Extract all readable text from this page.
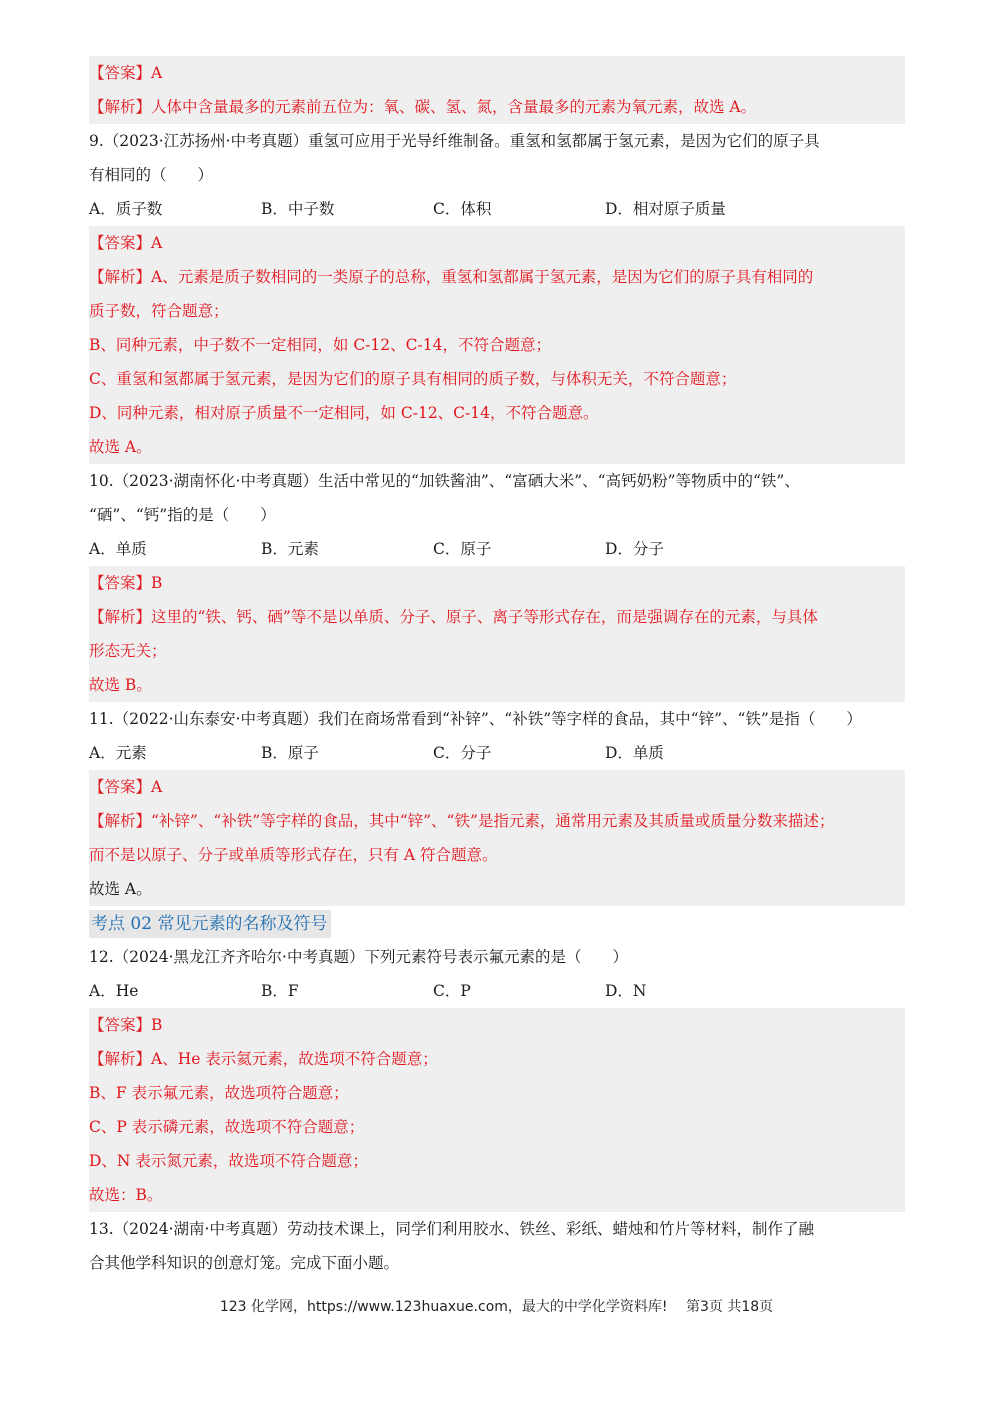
【答案】A
【解析】人体中含量最多的元素前五位为：氧、碳、氢、氮，含量最多的元素为氧元素，故选 A。
9.（2023·江苏扬州·中考真题）重氢可应用于光导纤维制备。重氢和氢都属于氢元素，是因为它们的原子具
有相同的（　　）
A．质子数	B．中子数	C．体积	D．相对原子质量
【答案】A
【解析】A、元素是质子数相同的一类原子的总称，重氢和氢都属于氢元素，是因为它们的原子具有相同的
质子数，符合题意；
B、同种元素，中子数不一定相同，如 C-12、C-14，不符合题意；
C、重氢和氢都属于氢元素，是因为它们的原子具有相同的质子数，与体积无关，不符合题意；
D、同种元素，相对原子质量不一定相同，如 C-12、C-14，不符合题意。
故选 A。
10.（2023·湖南怀化·中考真题）生活中常见的“加铁酱油”、“富硒大米”、“高钙奶粉”等物质中的“铁”、
“硒”、“钙”指的是（　　）
A．单质	B．元素	C．原子	D．分子
【答案】B
【解析】这里的“铁、钙、硒”等不是以单质、分子、原子、离子等形式存在，而是强调存在的元素，与具体
形态无关；
故选 B。
11.（2022·山东泰安·中考真题）我们在商场常看到“补锌”、“补铁”等字样的食品，其中“锌”、“铁”是指（　　）
A．元素	B．原子	C．分子	D．单质
【答案】A
【解析】“补锌”、“补铁”等字样的食品，其中“锌”、“铁”是指元素，通常用元素及其质量或质量分数来描述；
而不是以原子、分子或单质等形式存在，只有 A 符合题意。
故选 A。
考点 02 常见元素的名称及符号
12.（2024·黑龙江齐齐哈尔·中考真题）下列元素符号表示氟元素的是（　　）
A．He	B．F	C．P	D．N
【答案】B
【解析】A、He 表示氦元素，故选项不符合题意；
B、F 表示氟元素，故选项符合题意；
C、P 表示磷元素，故选项不符合题意；
D、N 表示氮元素，故选项不符合题意；
故选：B。
13.（2024·湖南·中考真题）劳动技术课上，同学们利用胶水、铁丝、彩纸、蜡烛和竹片等材料，制作了融
合其他学科知识的创意灯笼。完成下面小题。
123 化学网，https://www.123huaxue.com，最大的中学化学资料库!　 第3页 共18页
